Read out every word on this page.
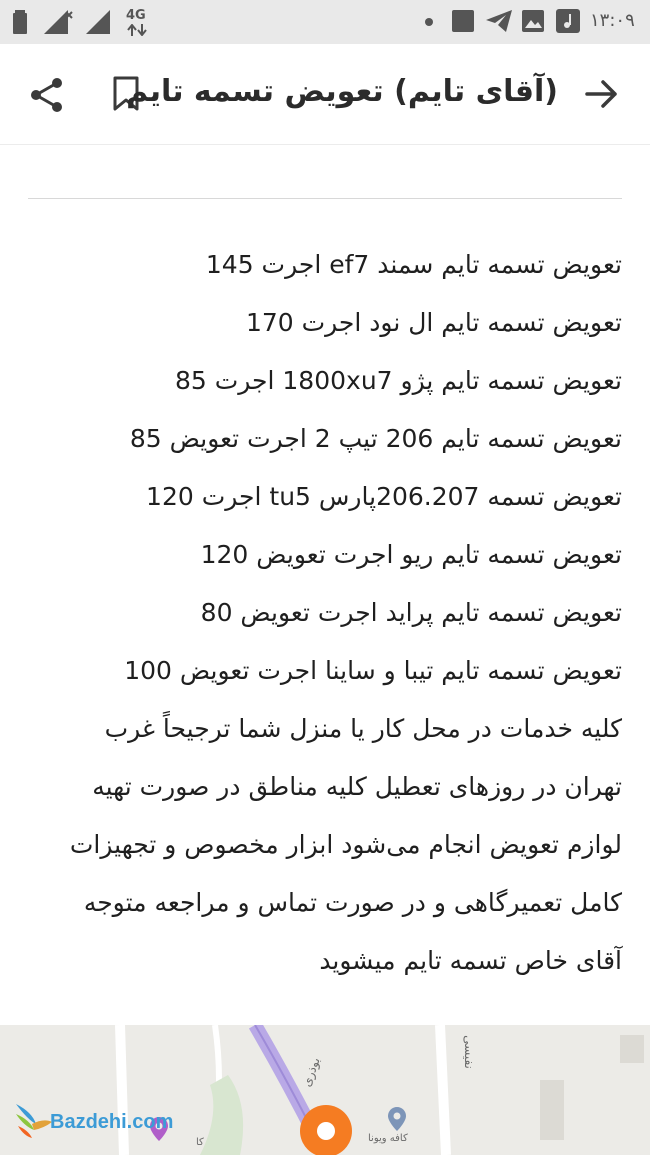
4G	۱۳:۰۹
(آقای تایم) تعویض تسمه تایم
تعویض تسمه تایم سمند ef7 اجرت 145
تعویض تسمه تایم ال نود اجرت 170
تعویض تسمه تایم پژو 1800xu7 اجرت 85
تعویض تسمه تایم 206 تیپ 2 اجرت تعویض 85
تعویض تسمه 206.207پارس tu5 اجرت 120
تعویض تسمه تایم ریو اجرت تعویض 120
تعویض تسمه تایم پراید اجرت تعویض 80
تعویض تسمه تایم تیبا و ساینا اجرت تعویض 100
کلیه خدمات در محل کار یا منزل شما ترجیحاً غرب
تهران در روزهای تعطیل کلیه مناطق در صورت تهیه
لوازم تعویض انجام می‌شود ابزار مخصوص و تجهیزات
کامل تعمیرگاهی و در صورت تماس و مراجعه متوجه
آقای خاص تسمه تایم میشوید
بوذری
نفیسی
کافه ویونا
کا
Bazdehi.com
